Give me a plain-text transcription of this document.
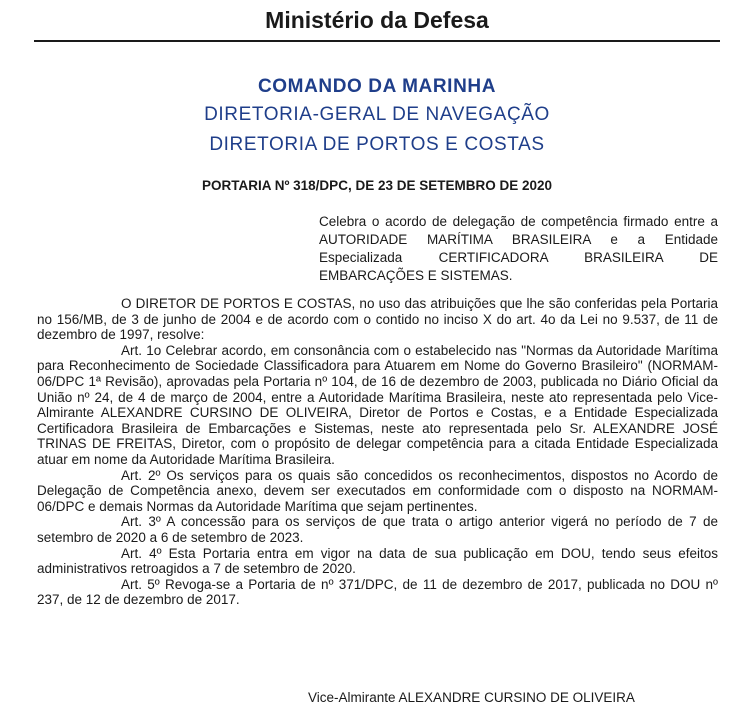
Ministério da Defesa
COMANDO DA MARINHA
DIRETORIA-GERAL DE NAVEGAÇÃO
DIRETORIA DE PORTOS E COSTAS
PORTARIA Nº 318/DPC, DE 23 DE SETEMBRO DE 2020
Celebra o acordo de delegação de competência firmado entre a AUTORIDADE MARÍTIMA BRASILEIRA e a Entidade Especializada CERTIFICADORA BRASILEIRA DE EMBARCAÇÕES E SISTEMAS.

O DIRETOR DE PORTOS E COSTAS, no uso das atribuições que lhe são conferidas pela Portaria no 156/MB, de 3 de junho de 2004 e de acordo com o contido no inciso X do art. 4o da Lei no 9.537, de 11 de dezembro de 1997, resolve:

Art. 1o Celebrar acordo, em consonância com o estabelecido nas "Normas da Autoridade Marítima para Reconhecimento de Sociedade Classificadora para Atuarem em Nome do Governo Brasileiro" (NORMAM-06/DPC 1ª Revisão), aprovadas pela Portaria nº 104, de 16 de dezembro de 2003, publicada no Diário Oficial da União nº 24, de 4 de março de 2004, entre a Autoridade Marítima Brasileira, neste ato representada pelo Vice-Almirante ALEXANDRE CURSINO DE OLIVEIRA, Diretor de Portos e Costas, e a Entidade Especializada Certificadora Brasileira de Embarcações e Sistemas, neste ato representada pelo Sr. ALEXANDRE JOSÉ TRINAS DE FREITAS, Diretor, com o propósito de delegar competência para a citada Entidade Especializada atuar em nome da Autoridade Marítima Brasileira.

Art. 2º Os serviços para os quais são concedidos os reconhecimentos, dispostos no Acordo de Delegação de Competência anexo, devem ser executados em conformidade com o disposto na NORMAM-06/DPC e demais Normas da Autoridade Marítima que sejam pertinentes.

Art. 3º A concessão para os serviços de que trata o artigo anterior vigerá no período de 7 de setembro de 2020 a 6 de setembro de 2023.

Art. 4º Esta Portaria entra em vigor na data de sua publicação em DOU, tendo seus efeitos administrativos retroagidos a 7 de setembro de 2020.

Art. 5º Revoga-se a Portaria de nº 371/DPC, de 11 de dezembro de 2017, publicada no DOU nº 237, de 12 de dezembro de 2017.

Vice-Almirante ALEXANDRE CURSINO DE OLIVEIRA
